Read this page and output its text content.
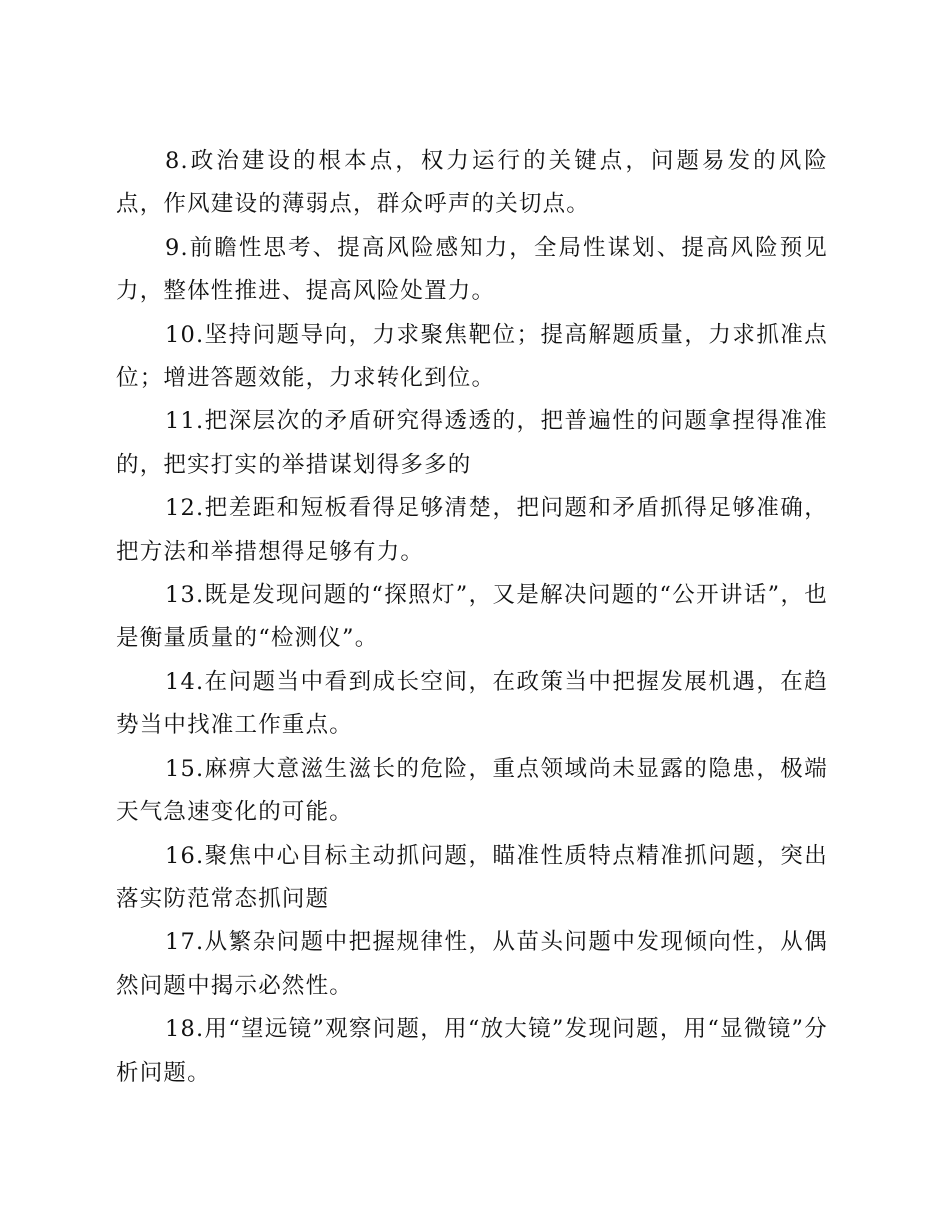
8.政治建设的根本点，权力运行的关键点，问题易发的风险点，作风建设的薄弱点，群众呼声的关切点。

9.前瞻性思考、提高风险感知力，全局性谋划、提高风险预见力，整体性推进、提高风险处置力。

10.坚持问题导向，力求聚焦靶位；提高解题质量，力求抓准点位；增进答题效能，力求转化到位。

11.把深层次的矛盾研究得透透的，把普遍性的问题拿捏得准准的，把实打实的举措谋划得多多的

12.把差距和短板看得足够清楚，把问题和矛盾抓得足够准确，把方法和举措想得足够有力。

13.既是发现问题的“探照灯”，又是解决问题的“公开讲话”，也是衡量质量的“检测仪”。

14.在问题当中看到成长空间，在政策当中把握发展机遇，在趋势当中找准工作重点。

15.麻痹大意滋生滋长的危险，重点领域尚未显露的隐患，极端天气急速变化的可能。

16.聚焦中心目标主动抓问题，瞄准性质特点精准抓问题，突出落实防范常态抓问题

17.从繁杂问题中把握规律性，从苗头问题中发现倾向性，从偶然问题中揭示必然性。

18.用“望远镜”观察问题，用“放大镜”发现问题，用“显微镜”分析问题。
